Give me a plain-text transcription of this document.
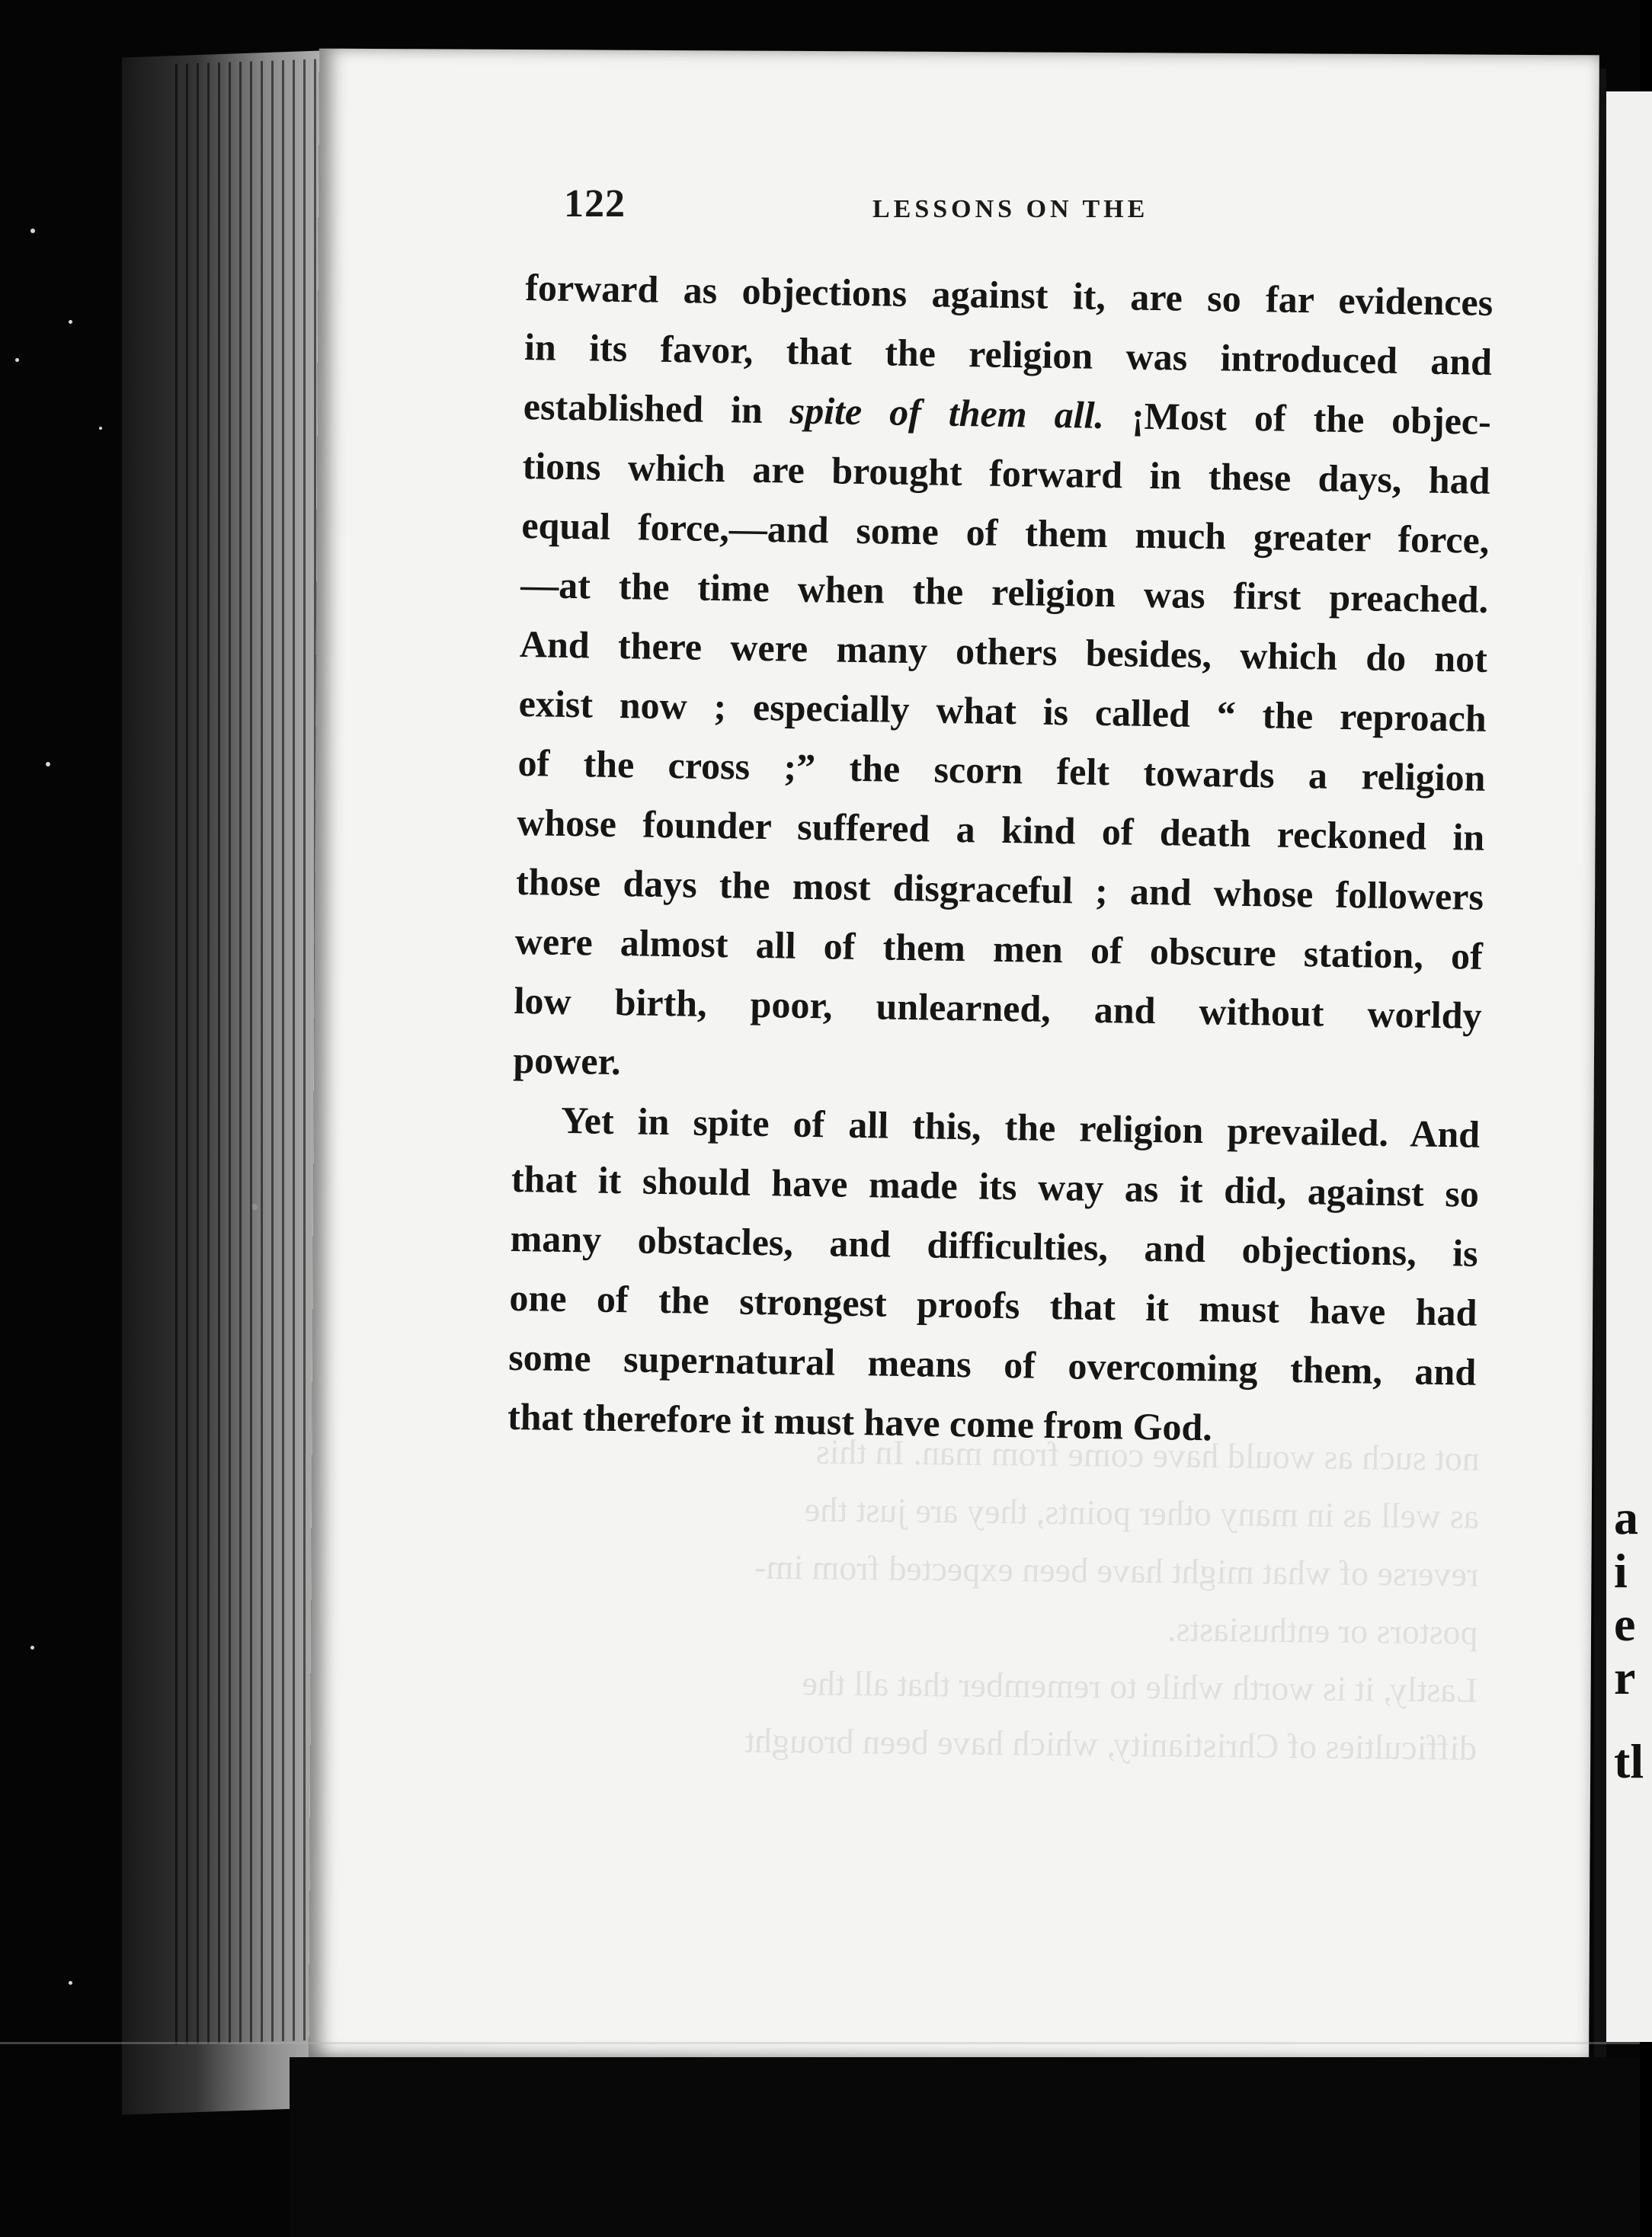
a
i
e
r
tl
not such as would have come from man. In this
as well as in many other points, they are just the
reverse of what might have been expected from im-
postors or enthusiasts.
Lastly, it is worth while to remember that all the
difficulties of Christianity, which have been brought
122	LESSONS ON THE
forward as objections against it, are so far evidences
in its favor, that the religion was introduced and
established in spite of them all. ¡Most of the objec-
tions which are brought forward in these days, had
equal force,—and some of them much greater force,
—at the time when the religion was first preached.
And there were many others besides, which do not
exist now ; especially what is called “ the reproach
of the cross ;” the scorn felt towards a religion
whose founder suffered a kind of death reckoned in
those days the most disgraceful ; and whose followers
were almost all of them men of obscure station, of
low birth, poor, unlearned, and without worldy
power.
Yet in spite of all this, the religion prevailed. And
that it should have made its way as it did, against so
many obstacles, and difficulties, and objections, is
one of the strongest proofs that it must have had
some supernatural means of overcoming them, and
that therefore it must have come from God.
